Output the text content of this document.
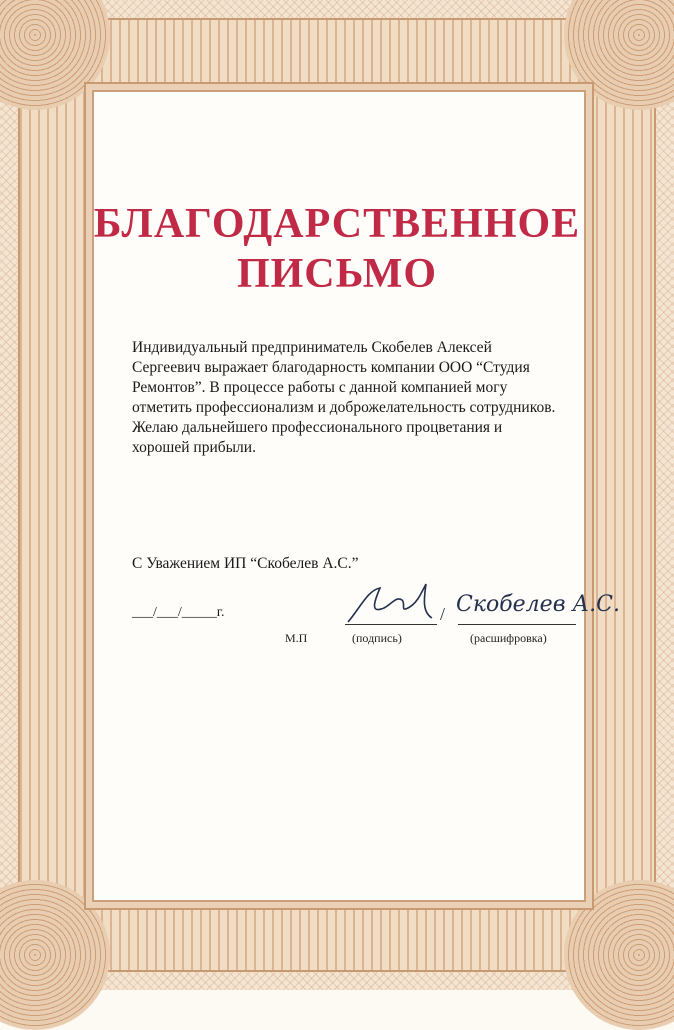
БЛАГОДАРСТВЕННОЕ
ПИСЬМО
Индивидуальный предприниматель Скобелев Алексей Сергеевич выражает благодарность компании ООО “Студия Ремонтов”. В процессе работы с данной компанией могу отметить профессионализм и доброжелательность сотрудников. Желаю дальнейшего профессионального процветания и хорошей прибыли.
С Уважением ИП “Скобелев А.С.”
___/___/_____г.
М.П	(подпись)
/ Скобелев А.С.
(расшифровка)
